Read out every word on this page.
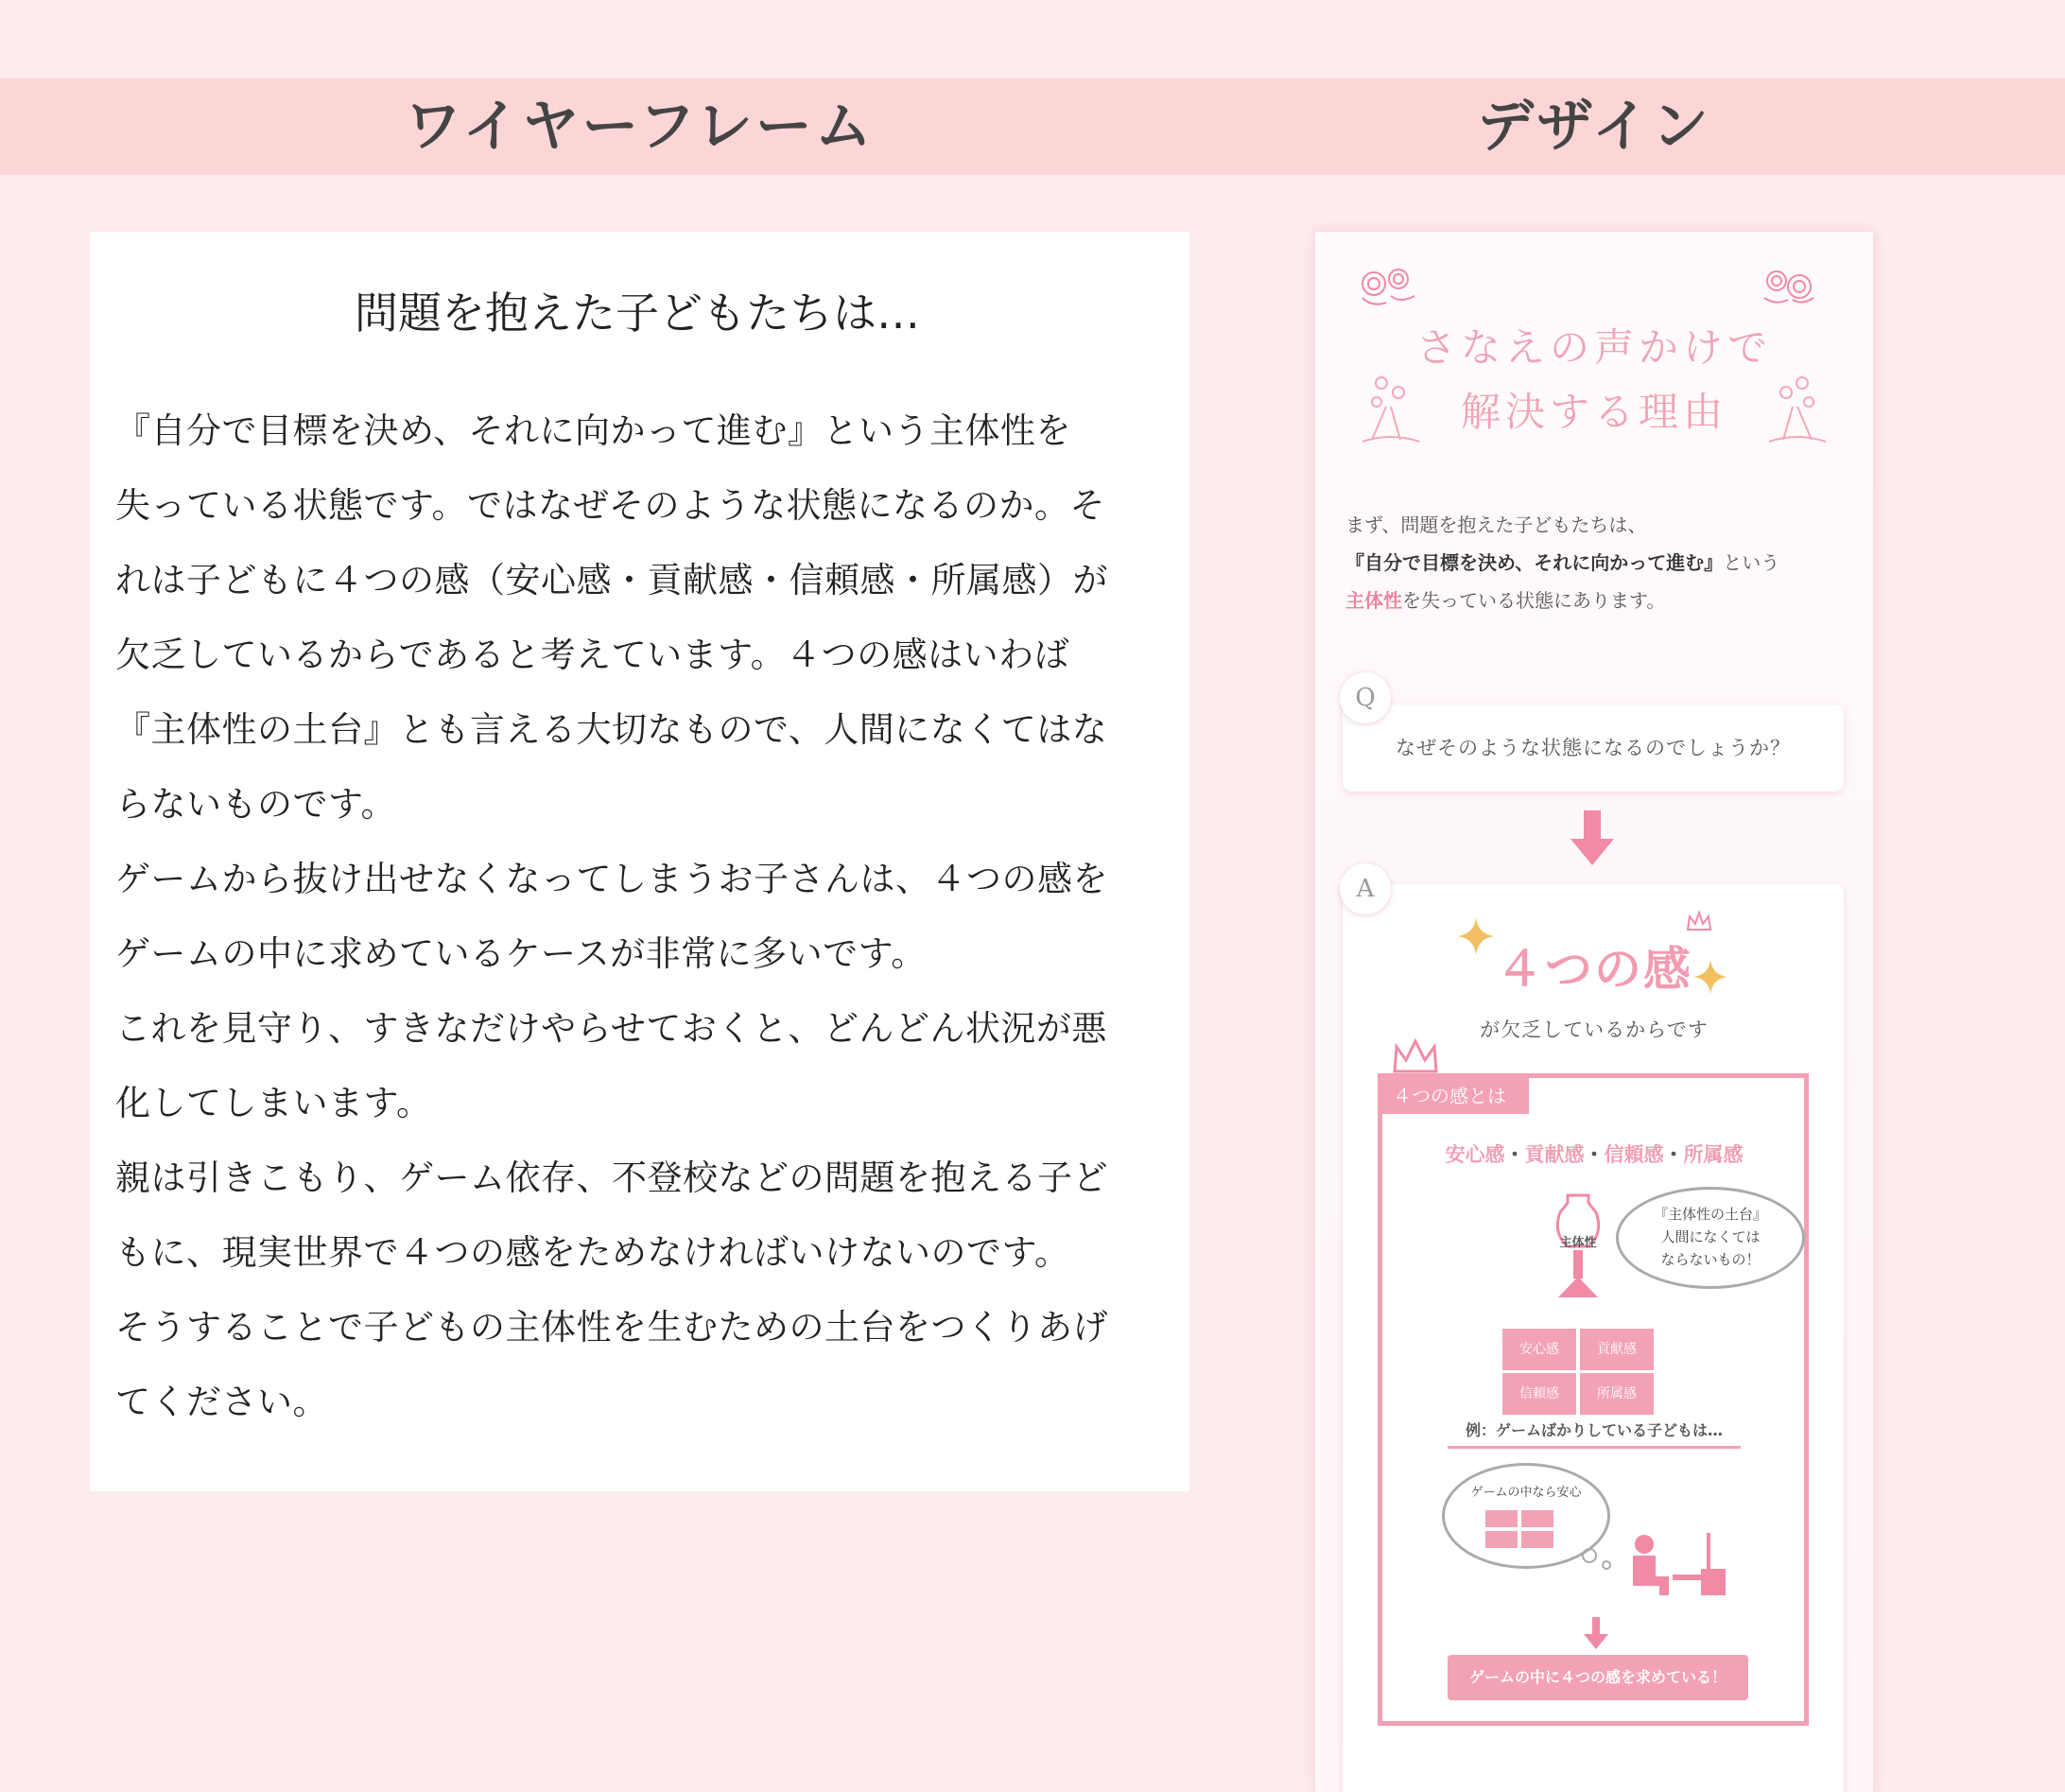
ワイヤーフレーム	デザイン
問題を抱えた子どもたちは…

『自分で目標を決め、それに向かって進む』という主体性を

失っている状態です。ではなぜそのような状態になるのか。そ

れは子どもに４つの感（安心感・貢献感・信頼感・所属感）が

欠乏しているからであると考えています。４つの感はいわば

『主体性の土台』とも言える大切なもので、人間になくてはな

らないものです。

ゲームから抜け出せなくなってしまうお子さんは、４つの感を

ゲームの中に求めているケースが非常に多いです。

これを見守り、すきなだけやらせておくと、どんどん状況が悪

化してしまいます。

親は引きこもり、ゲーム依存、不登校などの問題を抱える子ど

もに、現実世界で４つの感をためなければいけないのです。

そうすることで子どもの主体性を生むための土台をつくりあげ

てください。

さなえの声かけで
解決する理由
まず、問題を抱えた子どもたちは、
『自分で目標を決め、それに向かって進む』という
主体性を失っている状態にあります。
なぜそのような状態になるのでしょうか？
Q
A
４つの感
が欠乏しているからです
４つの感とは
安心感・貢献感・信頼感・所属感
主体性
『主体性の土台』
人間になくては
ならないもの！
安心感	貢献感
信頼感	所属感
例：ゲームばかりしている子どもは…
ゲームの中なら安心
ゲームの中に４つの感を求めている！
